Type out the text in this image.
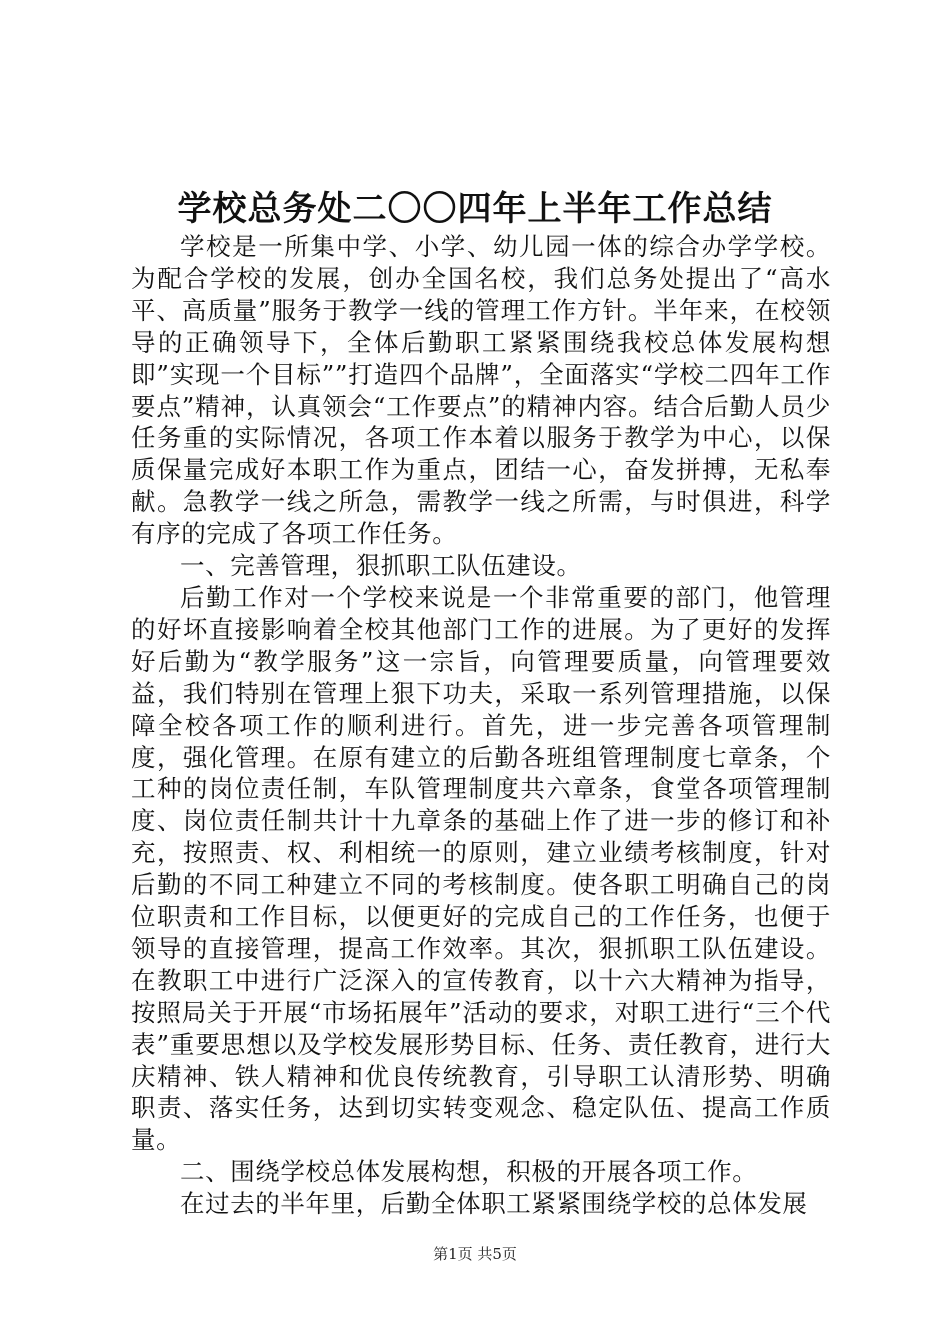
学校总务处二〇〇四年上半年工作总结

学校是一所集中学、小学、幼儿园一体的综合办学学校。为配合学校的发展，创办全国名校，我们总务处提出了“高水平、高质量”服务于教学一线的管理工作方针。半年来，在校领导的正确领导下，全体后勤职工紧紧围绕我校总体发展构想即”实现一个目标””打造四个品牌”，全面落实“学校二四年工作要点”精神，认真领会“工作要点”的精神内容。结合后勤人员少任务重的实际情况，各项工作本着以服务于教学为中心，以保质保量完成好本职工作为重点，团结一心，奋发拼搏，无私奉献。急教学一线之所急，需教学一线之所需，与时俱进，科学有序的完成了各项工作任务。

一、完善管理，狠抓职工队伍建设。

后勤工作对一个学校来说是一个非常重要的部门，他管理的好坏直接影响着全校其他部门工作的进展。为了更好的发挥好后勤为“教学服务”这一宗旨，向管理要质量，向管理要效益，我们特别在管理上狠下功夫，采取一系列管理措施，以保障全校各项工作的顺利进行。首先，进一步完善各项管理制度，强化管理。在原有建立的后勤各班组管理制度七章条，个工种的岗位责任制，车队管理制度共六章条，食堂各项管理制度、岗位责任制共计十九章条的基础上作了进一步的修订和补充，按照责、权、利相统一的原则，建立业绩考核制度，针对后勤的不同工种建立不同的考核制度。使各职工明确自己的岗位职责和工作目标，以便更好的完成自己的工作任务，也便于领导的直接管理，提高工作效率。其次，狠抓职工队伍建设。在教职工中进行广泛深入的宣传教育，以十六大精神为指导，按照局关于开展“市场拓展年”活动的要求，对职工进行“三个代表”重要思想以及学校发展形势目标、任务、责任教育，进行大庆精神、铁人精神和优良传统教育，引导职工认清形势、明确职责、落实任务，达到切实转变观念、稳定队伍、提高工作质量。

二、围绕学校总体发展构想，积极的开展各项工作。

在过去的半年里，后勤全体职工紧紧围绕学校的总体发展

第1页 共5页
